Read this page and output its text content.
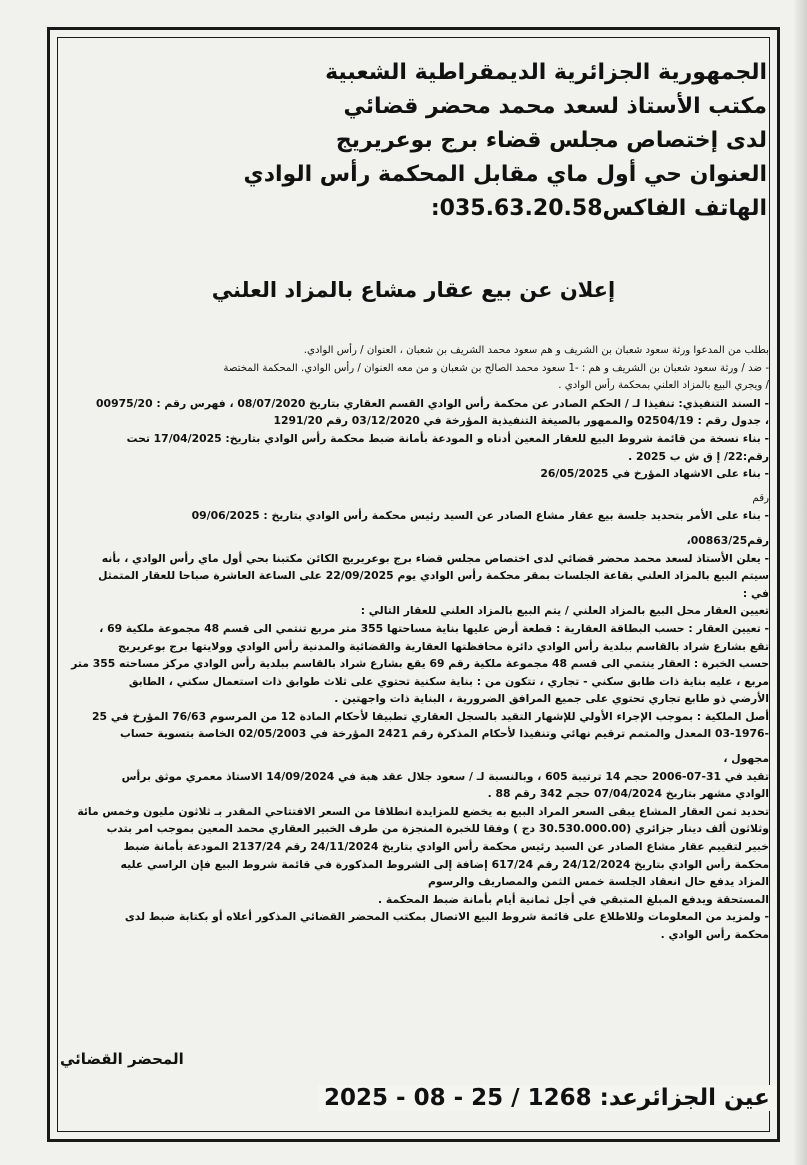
الجمهورية الجزائرية الديمقراطية الشعبية
مكتب الأستاذ لسعد محمد محضر قضائي
لدى إختصاص مجلس قضاء برج بوعريريج
العنوان حي أول ماي مقابل المحكمة رأس الوادي
الهاتف الفاكس035.63.20.58:
إعلان عن بيع عقار مشاع بالمزاد العلني
بطلب من المدعوا ورثة سعود شعبان بن الشريف و هم سعود محمد الشريف بن شعبان ، العنوان / رأس الوادي.
- ضد / ورثة سعود شعبان بن الشريف و هم : -1 سعود محمد الصالح بن شعبان و من معه العنوان / رأس الوادي. المحكمة المختصة
/ ويجري البيع بالمزاد العلني بمحكمة رأس الوادي .
- السند التنفيذي: تنفيذا لـ / الحكم الصادر عن محكمة رأس الوادي القسم العقاري بتاريخ 08/07/2020 ، فهرس رقم : 00975/20
، جدول رقم : 02504/19 والممهور بالصيغة التنفيذية المؤرخة في 03/12/2020 رقم 1291/20
- بناء نسخة من قائمة شروط البيع للعقار المعين أدناه و المودعة بأمانة ضبط محكمة رأس الوادي بتاريخ: 17/04/2025 تحت
رقم:22/ إ ق ش ب 2025 .
- بناء على الاشهاد المؤرخ في 26/05/2025
رقم
- بناء على الأمر بتحديد جلسة بيع عقار مشاع الصادر عن السيد رئيس محكمة رأس الوادي بتاريخ : 09/06/2025
رقم00863/25،
- يعلن الأستاذ لسعد محمد محضر قضائي لدى اختصاص مجلس قضاء برج بوعريريج الكائن مكتبنا بحي أول ماي رأس الوادي ، بأنه
سيتم البيع بالمزاد العلني بقاعة الجلسات بمقر محكمة رأس الوادي يوم 22/09/2025 على الساعة العاشرة صباحا للعقار المتمثل
في :
تعيين العقار محل البيع بالمزاد العلني / يتم البيع بالمزاد العلني للعقار التالي :
- تعيين العقار : حسب البطاقة العقارية : قطعة أرض عليها بناية مساحتها 355 متر مربع تنتمي الى قسم 48 مجموعة ملكية 69 ،
تقع بشارع شراد بالقاسم ببلدية رأس الوادي دائرة محافظتها العقارية والقضائية والمدنية رأس الوادي وولايتها برج بوعريريج
حسب الخبرة : العقار ينتمي الى قسم 48 مجموعة ملكية رقم 69 يقع بشارع شراد بالقاسم ببلدية رأس الوادي مركز مساحته 355 متر
مربع ، عليه بناية ذات طابق سكني - تجاري ، تتكون من : بناية سكنية تحتوي على ثلاث طوابق ذات استعمال سكني ، الطابق
الأرضي ذو طابع تجاري تحتوي على جميع المرافق الضرورية ، البناية ذات واجهتين .
أصل الملكية : بموجب الإجراء الأولي للإشهار التقيد بالسجل العقاري تطبيقا لأحكام المادة 12 من المرسوم 76/63 المؤرخ في 25
-03-1976 المعدل والمتمم ترقيم نهائي وتنفيذا لأحكام المذكرة رقم 2421 المؤرخة في 02/05/2003 الخاصة بتسوية حساب
مجهول ،
تقيد في 31-07-2006 حجم 14 ترتيبة 605 ، وبالنسبة لـ / سعود جلال عقد هبة في 14/09/2024 الاستاذ معمري موثق برأس
الوادي مشهر بتاريخ 07/04/2024 حجم 342 رقم 88 .
تحديد ثمن العقار المشاع يبقى السعر المراد البيع به يخضع للمزايدة انطلاقا من السعر الافتتاحي المقدر بـ ثلاثون مليون وخمس مائة
وثلاثون ألف دينار جزائري (30.530.000.00 دج ) وفقا للخبرة المنجزة من طرف الخبير العقاري محمد المعين بموجب امر بتدب
خبير لتقييم عقار مشاع الصادر عن السيد رئيس محكمة رأس الوادي بتاريخ 24/11/2024 رقم 2137/24 المودعة بأمانة ضبط
محكمة رأس الوادي بتاريخ 24/12/2024 رقم 617/24 إضافة إلى الشروط المذكورة في قائمة شروط البيع فإن الراسي عليه
المزاد يدفع حال انعقاد الجلسة خمس الثمن والمصاريف والرسوم
المستحقة ويدفع المبلغ المتبقي في أجل ثمانية أيام بأمانة ضبط المحكمة .
- ولمزيد من المعلومات وللاطلاع على قائمة شروط البيع الاتصال بمكتب المحضر القضائي المذكور أعلاه أو بكتابة ضبط لدى
محكمة رأس الوادي .
المحضر القضائي
عين الجزائرعد: 1268 / 25 - 08 - 2025
